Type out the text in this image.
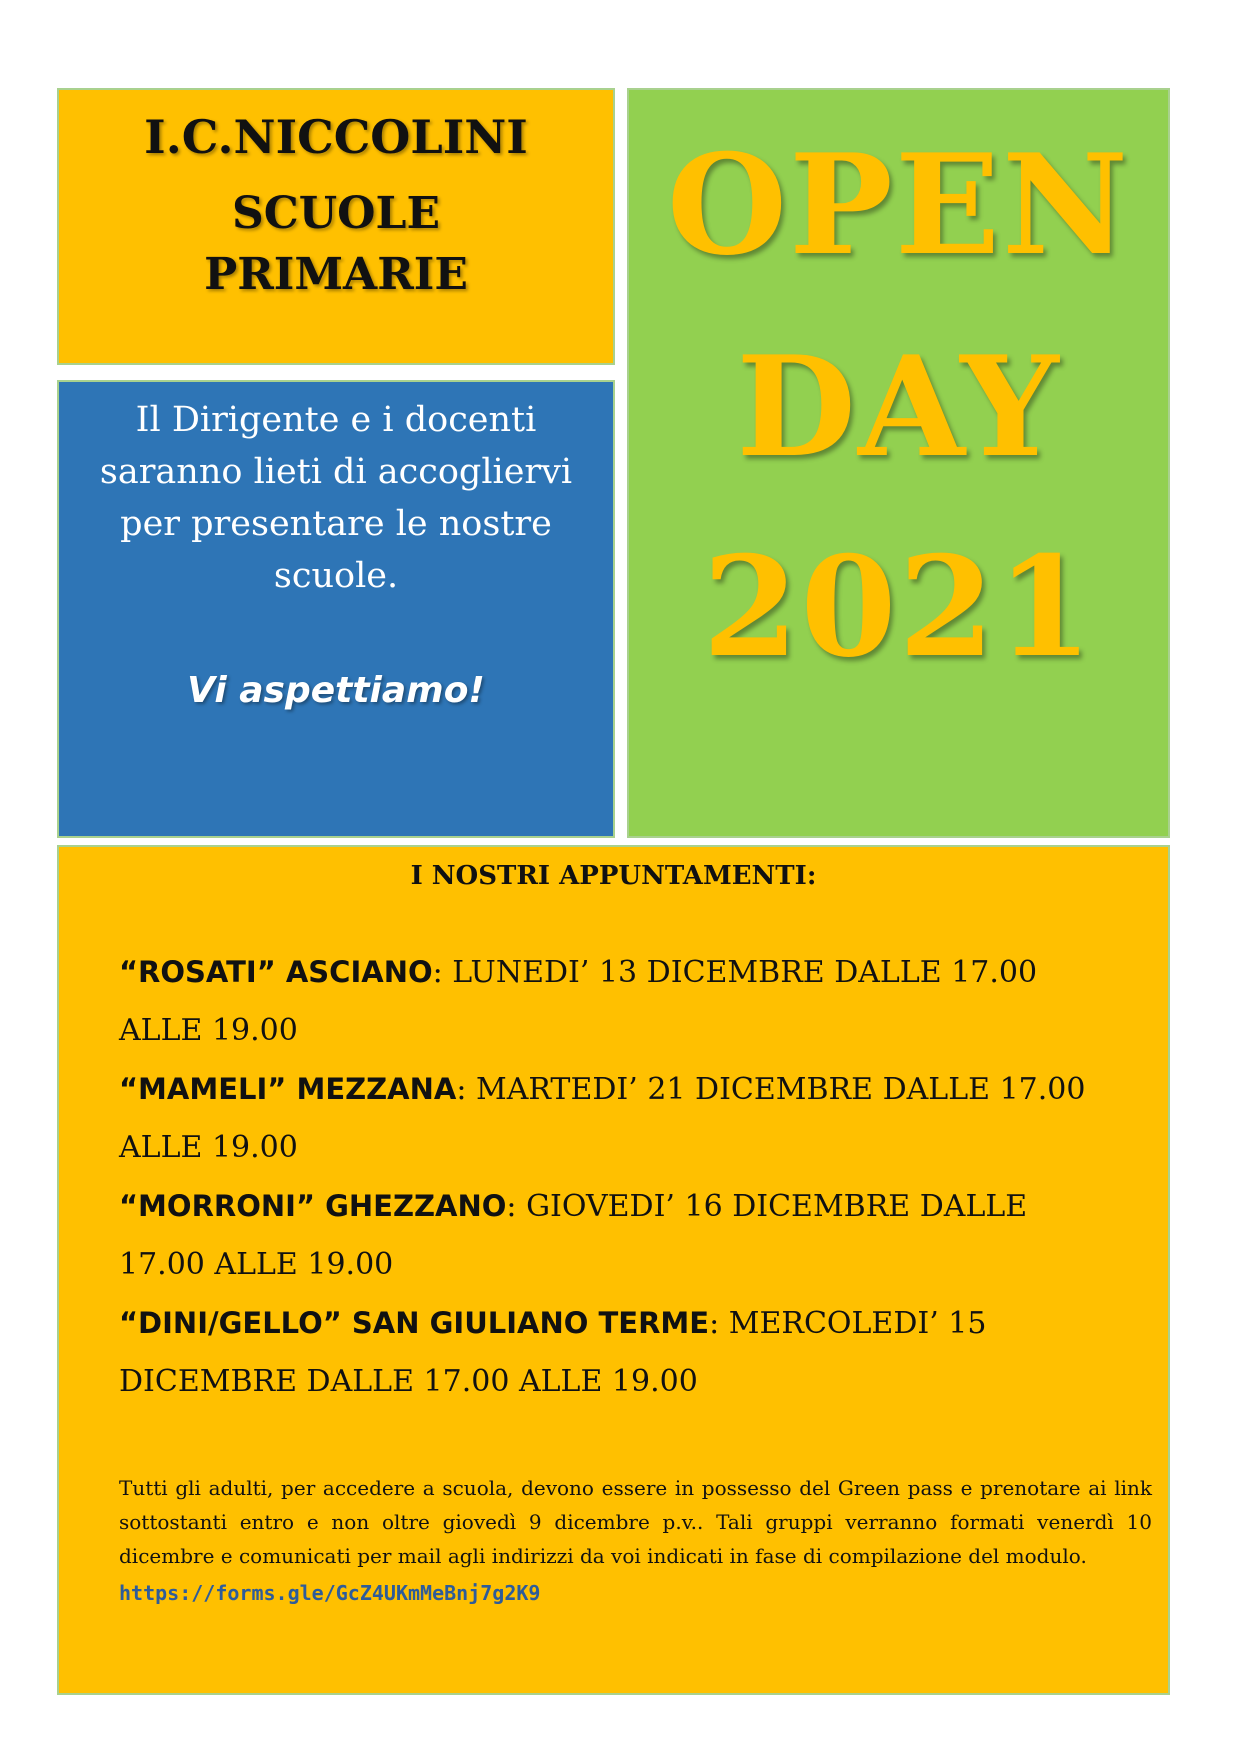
I.C.NICCOLINI
SCUOLE
PRIMARIE
Il Dirigente e i docenti saranno lieti di accogliervi per presentare le nostre scuole.
Vi aspettiamo!
OPEN
DAY
2021
I NOSTRI APPUNTAMENTI:
“ROSATI” ASCIANO: LUNEDI’ 13 DICEMBRE DALLE 17.00 ALLE 19.00
“MAMELI” MEZZANA: MARTEDI’ 21 DICEMBRE DALLE 17.00 ALLE 19.00
“MORRONI” GHEZZANO: GIOVEDI’ 16 DICEMBRE DALLE 17.00 ALLE 19.00
“DINI/GELLO” SAN GIULIANO TERME: MERCOLEDI’ 15 DICEMBRE DALLE 17.00 ALLE 19.00
Tutti gli adulti, per accedere a scuola, devono essere in possesso del Green pass e prenotare ai link sottostanti entro e non oltre giovedì 9 dicembre p.v.. Tali gruppi verranno formati venerdì 10 dicembre e comunicati per mail agli indirizzi da voi indicati in fase di compilazione del modulo.
https://forms.gle/GcZ4UKmMeBnj7g2K9
